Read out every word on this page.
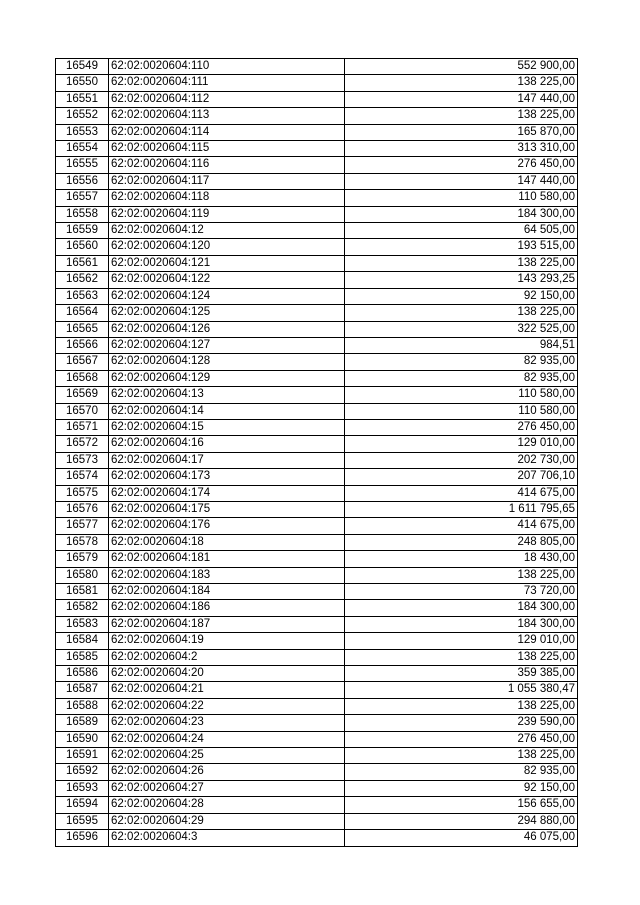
16549	62:02:0020604:110	552 900,00
16550	62:02:0020604:111	138 225,00
16551	62:02:0020604:112	147 440,00
16552	62:02:0020604:113	138 225,00
16553	62:02:0020604:114	165 870,00
16554	62:02:0020604:115	313 310,00
16555	62:02:0020604:116	276 450,00
16556	62:02:0020604:117	147 440,00
16557	62:02:0020604:118	110 580,00
16558	62:02:0020604:119	184 300,00
16559	62:02:0020604:12	64 505,00
16560	62:02:0020604:120	193 515,00
16561	62:02:0020604:121	138 225,00
16562	62:02:0020604:122	143 293,25
16563	62:02:0020604:124	92 150,00
16564	62:02:0020604:125	138 225,00
16565	62:02:0020604:126	322 525,00
16566	62:02:0020604:127	984,51
16567	62:02:0020604:128	82 935,00
16568	62:02:0020604:129	82 935,00
16569	62:02:0020604:13	110 580,00
16570	62:02:0020604:14	110 580,00
16571	62:02:0020604:15	276 450,00
16572	62:02:0020604:16	129 010,00
16573	62:02:0020604:17	202 730,00
16574	62:02:0020604:173	207 706,10
16575	62:02:0020604:174	414 675,00
16576	62:02:0020604:175	1 611 795,65
16577	62:02:0020604:176	414 675,00
16578	62:02:0020604:18	248 805,00
16579	62:02:0020604:181	18 430,00
16580	62:02:0020604:183	138 225,00
16581	62:02:0020604:184	73 720,00
16582	62:02:0020604:186	184 300,00
16583	62:02:0020604:187	184 300,00
16584	62:02:0020604:19	129 010,00
16585	62:02:0020604:2	138 225,00
16586	62:02:0020604:20	359 385,00
16587	62:02:0020604:21	1 055 380,47
16588	62:02:0020604:22	138 225,00
16589	62:02:0020604:23	239 590,00
16590	62:02:0020604:24	276 450,00
16591	62:02:0020604:25	138 225,00
16592	62:02:0020604:26	82 935,00
16593	62:02:0020604:27	92 150,00
16594	62:02:0020604:28	156 655,00
16595	62:02:0020604:29	294 880,00
16596	62:02:0020604:3	46 075,00
